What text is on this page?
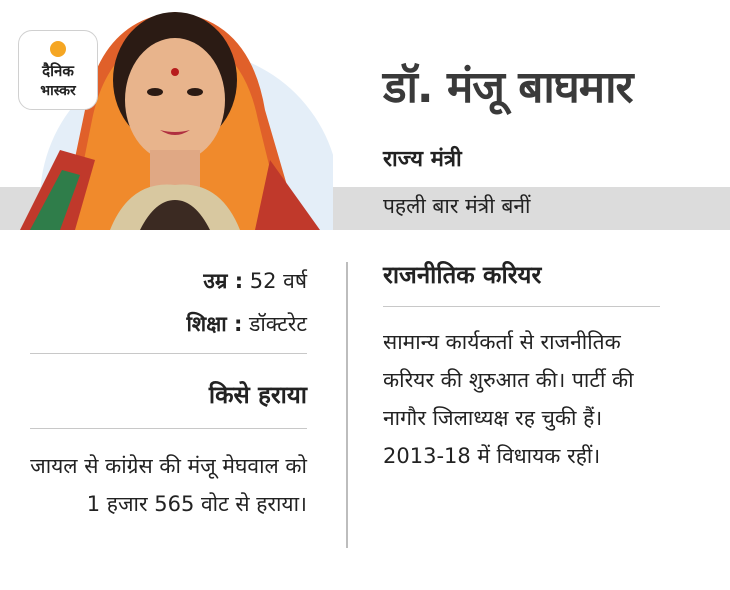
दैनिक
भास्कर	डॉ. मंजू बाघमार
राज्य मंत्री
पहली बार मंत्री बनीं
उम्र : 52 वर्ष
शिक्षा : डॉक्टरेट
किसे हराया
जायल से कांग्रेस की मंजू मेघवाल को 1 हजार 565 वोट से हराया।
राजनीतिक करियर
सामान्य कार्यकर्ता से राजनीतिक करियर की शुरुआत की। पार्टी की नागौर जिलाध्यक्ष रह चुकी हैं। 2013-18 में विधायक रहीं।
